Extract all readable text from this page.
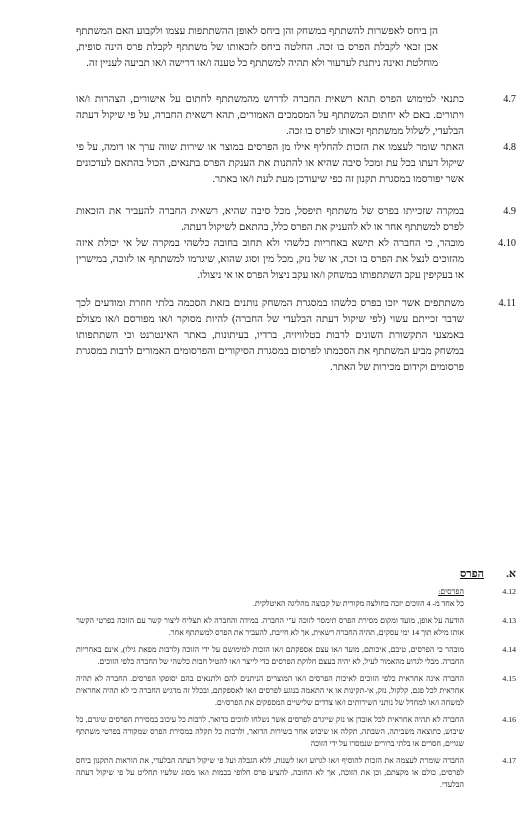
הן ביחס לאפשרות להשתתף במשחק והן ביחס לאופן ההשתתפות עצמו ולקבוע האם המשתתף אכן זכאי לקבלת הפרס בו זכה. החלטה ביחס לזכאותו של משתתף לקבלת פרס הינה סופית, מוחלטת ואינה ניתנת לערעור ולא תהיה למשתתף כל טענה ו/או דרישה ו/או תביעה לעניין זה.
4.7
כתנאי למימוש הפרס תהא רשאית החברה לדרוש מהמשתתף לחתום על אישורים, הצהרות ו/או ויתורים. באם לא יחתום המשתתף על המסמכים האמורים, תהא רשאית החברה, על פי שיקול דעתה הבלעדי, לשלול ממשתתף זכאותו לפרס בו זכה.
4.8
האתר שומר לעצמו את הזכות להחליף אילו מן הפרסים במוצר או שירות שווה ערך או דומה, על פי שיקול דעתו בכל עת ומכל סיבה שהיא או להתנות את הענקת הפרס בתנאים, הכול בהתאם לעדכונים אשר יפורסמו במסגרת תקנון זה כפי שיעודכן מעת לעת ו/או באתר.
4.9
במקרה שזכייתו בפרס של משתתף תיפסל, מכל סיבה שהיא, רשאית החברה להעביר את הזכאות לפרס למשתתף אחר או לא להעניק את הפרס כלל, בהתאם לשיקול דעתה.
4.10
מובהר, כי החברה לא תישא באחריות כלשהי ולא תחוב בחובה כלשהי במקרה של אי יכולת איזה מהזוכים לנצל את הפרס בו זכה, או של נזק, מכל מין וסוג שהוא, שיגרמו למשתתף או לזוכה, במישרין או בעקיפין עקב השתתפותו במשחק ו/או עקב ניצול הפרס או אי ניצולו.
4.11
משתתפים אשר יזכו בפרס כלשהו במסגרת המשחק נותנים בזאת הסכמה בלתי חוזרת ומודעים לכך שדבר זכייתם עשוי (לפי שיקול דעתה הבלעדי של החברה) להיות מסוקר ו/או מפורסם ו/או מצולם באמצעי התקשורת השונים לרבות בטלוויזיה, ברדיו, בעיתונות, באתר האינטרנט וכי השתתפותו במשחק מביע המשתתף את הסכמתו לפרסום במסגרת הסיקורים והפרסומים האמורים לרבות במסגרת פרסומים וקידום מכירות של האתר.
א.
הפרס
4.12
הפרסים:
כל אחד מ- 4 הזוכים יזכה בחולצה מקורית של קבוצה מהליגה האיטלקית.
4.13
הודעה על אופן, מועד ומקום מסירת הפרס תימסר לזוכה ע"י החברה. במידה והחברה לא תצליח ליצור קשר עם הזוכה בפרטי הקשר אותו מילא תוך 14 ימי עסקים, תהיה החברה רשאית, אך לא חייבת, להעביר את הפרס למשתתף אחר.
4.14
מובהר כי הפרסים, טיבם, איכותם, מועד ו/או עצם אספקתם ו/או הזכות למימושם על ידי הזוכה (לרבות מפאת גילו), אינם באחריות החברה. מבלי לגרוע מהאמור לעיל, לא יהיה בעצם חלוקת הפרסים כדי לייצר ו/או להטיל חבות כלשהי של החברה כלפי הזוכים.
4.15
החברה אינה אחראית כלפי הזוכים לאיכות הפרסים ו/או המוצרים הניתנים להם ולתנאים בהם יסופקו הפרסים. החברה לא תהיה אחראית לכל פגם, קלקול, נזק, אי-תקינות או אי התאמה בנוגע לפרסים ו/או לאספקתם, ובכלל זה מדגיש החברה כי לא תהיה אחראית למשחה ו/או למחדל של נותני השירותים ו/או צדדים שלישיים המספקים את הפרס/ים.
4.16
החברה לא תהיה אחראית לכל אובדן או נזק שייגרם לפרסים אשר נשלחו לזוכים בדואר, לרבות כל עיכוב במסירת הפרסים שיגרם, כל שיבוש, כתוצאה משביתה, השבתה, תקלה או שיבוש אחר בשירות הדואר, ולרבות כל תקלה במסירת הפרס שמקורה בפרטי משתתף שגויים, חסרים או בלתי ברורים שנמסרו על ידי הזוכה
4.17
החברה שומרת לעצמה את הזכות להוסיף ו/או לגרוע ו/או לשנות, ללא הגבלה ועל פי שיקול דעתה הבלעדי, את הוראות התקנון ביחס לפרסים, כולם או מקצתם, וכן את הזוכה, אך לא החובה, להציע פרס חלופי בכמות ו/או מסוג שלעיו תחליט על פי שיקול דעתה הבלעדי.
